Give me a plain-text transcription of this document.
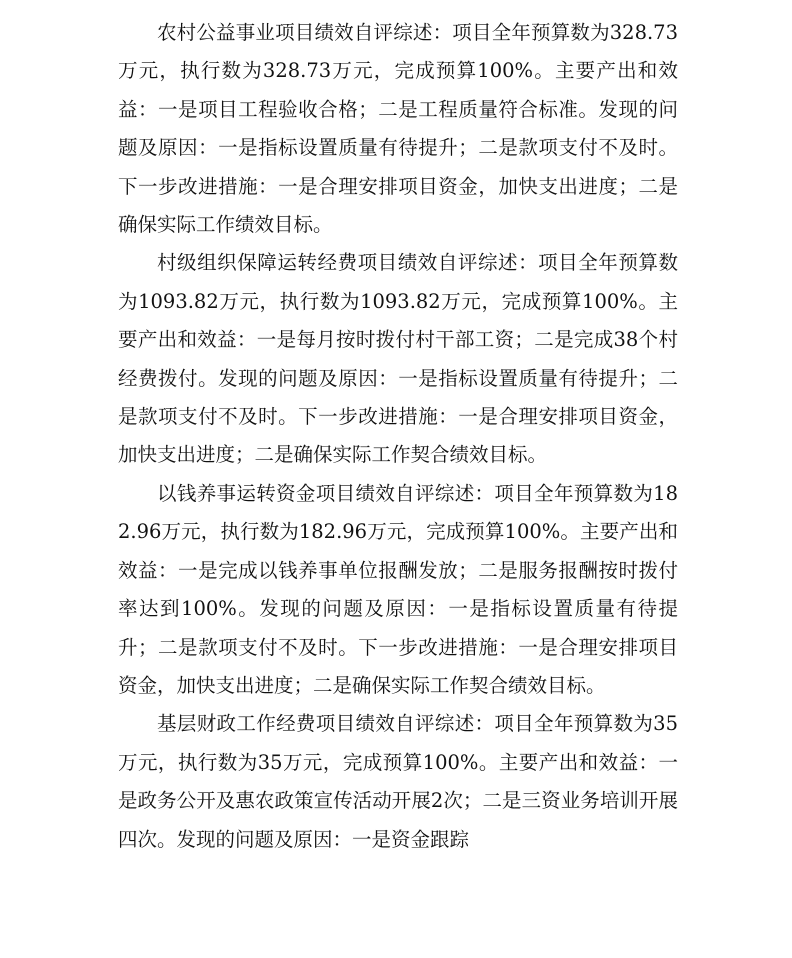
农村公益事业项目绩效自评综述：项目全年预算数为328.73万元，执行数为328.73万元，完成预算100%。主要产出和效益：一是项目工程验收合格；二是工程质量符合标准。发现的问题及原因：一是指标设置质量有待提升；二是款项支付不及时。下一步改进措施：一是合理安排项目资金，加快支出进度；二是确保实际工作绩效目标。

村级组织保障运转经费项目绩效自评综述：项目全年预算数为1093.82万元，执行数为1093.82万元，完成预算100%。主要产出和效益：一是每月按时拨付村干部工资；二是完成38个村经费拨付。发现的问题及原因：一是指标设置质量有待提升；二是款项支付不及时。下一步改进措施：一是合理安排项目资金，加快支出进度；二是确保实际工作契合绩效目标。

以钱养事运转资金项目绩效自评综述：项目全年预算数为182.96万元，执行数为182.96万元，完成预算100%。主要产出和效益：一是完成以钱养事单位报酬发放；二是服务报酬按时拨付率达到100%。发现的问题及原因：一是指标设置质量有待提升；二是款项支付不及时。下一步改进措施：一是合理安排项目资金，加快支出进度；二是确保实际工作契合绩效目标。

基层财政工作经费项目绩效自评综述：项目全年预算数为35万元，执行数为35万元，完成预算100%。主要产出和效益：一是政务公开及惠农政策宣传活动开展2次；二是三资业务培训开展四次。发现的问题及原因：一是资金跟踪
